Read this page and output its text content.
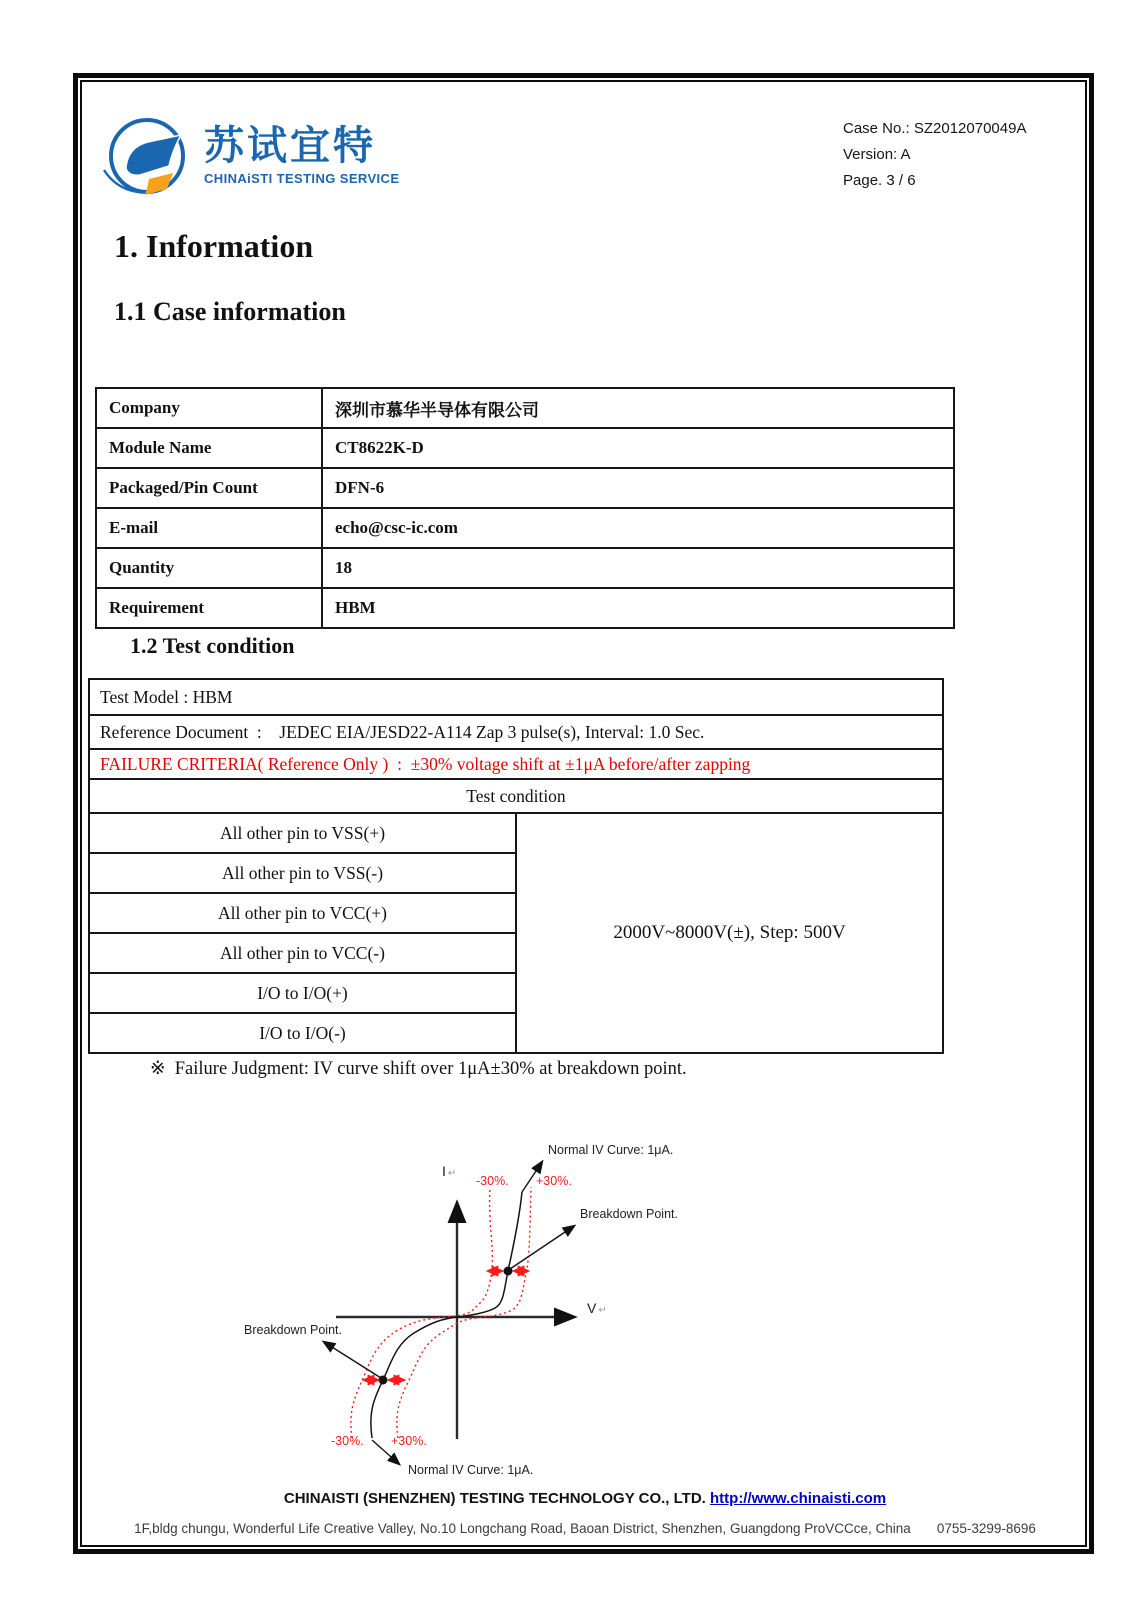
苏试宜特
CHINAiSTI TESTING SERVICE
Case No.: SZ2012070049A
Version: A
Page. 3 / 6
1. Information
1.1 Case information
Company	深圳市慕华半导体有限公司
Module Name	CT8622K-D
Packaged/Pin Count	DFN-6
E-mail	echo@csc-ic.com
Quantity	18
Requirement	HBM
1.2 Test condition
Test Model : HBM
Reference Document  :    JEDEC EIA/JESD22-A114 Zap 3 pulse(s), Interval: 1.0 Sec.
FAILURE CRITERIA( Reference Only )  :  ±30% voltage shift at ±1μA before/after zapping
Test condition
All other pin to VSS(+)	2000V~8000V(±), Step: 500V
All other pin to VSS(-)
All other pin to VCC(+)
All other pin to VCC(-)
I/O to I/O(+)
I/O to I/O(-)
※  Failure Judgment: IV curve shift over 1μA±30% at breakdown point.
I ↵
V ↵
Normal IV Curve: 1μA.
Normal IV Curve: 1μA.
Breakdown Point.
Breakdown Point.
-30%. +30%.
-30%. +30%.
CHINAISTI (SHENZHEN) TESTING TECHNOLOGY CO., LTD. http://www.chinaisti.com
1F,bldg chungu, Wonderful Life Creative Valley, No.10 Longchang Road, Baoan District, Shenzhen, Guangdong ProVCCce, China 0755-3299-8696
